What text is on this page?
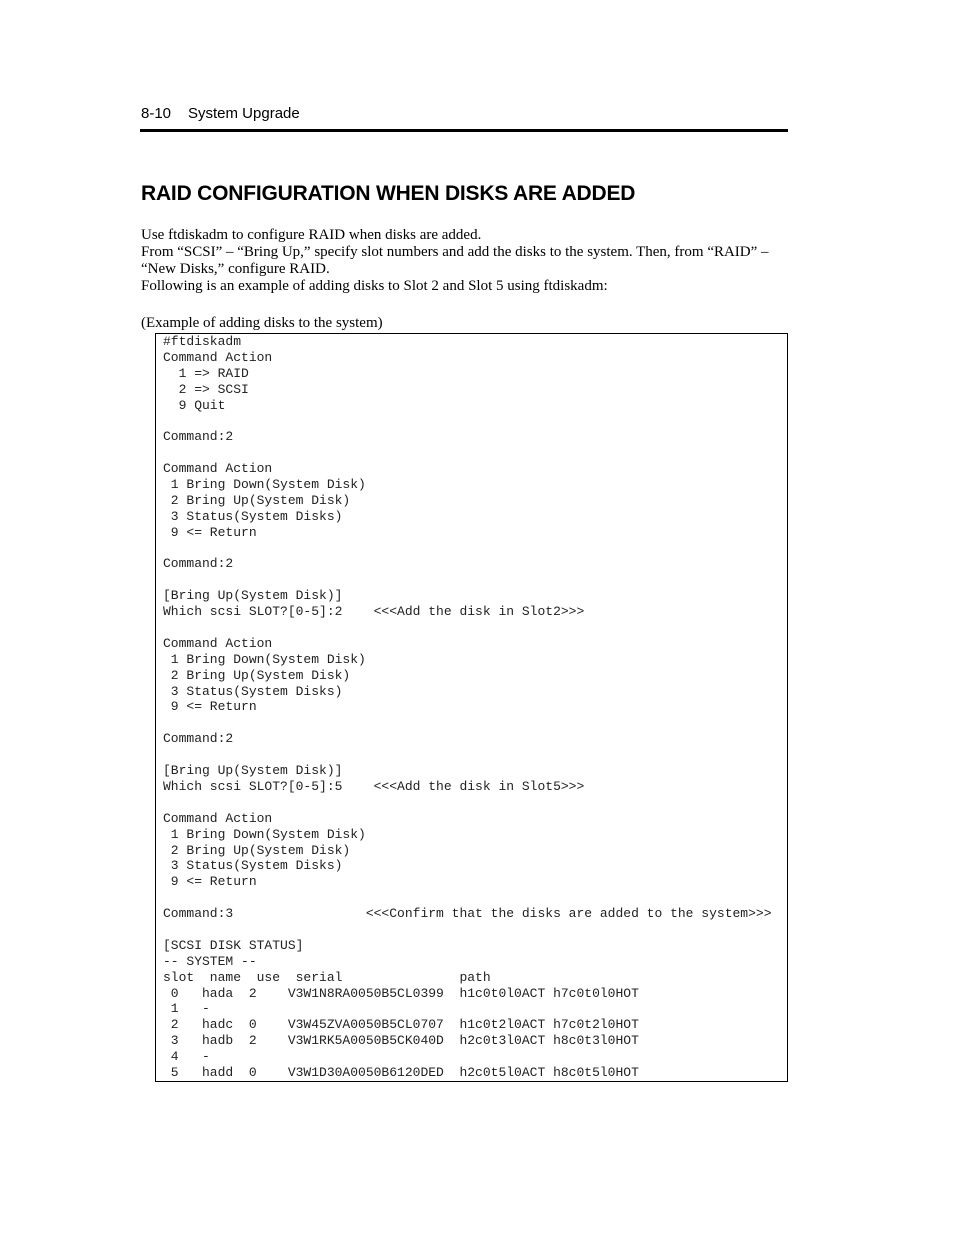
8-10 System Upgrade
RAID CONFIGURATION WHEN DISKS ARE ADDED

Use ftdiskadm to configure RAID when disks are added.

From “SCSI” – “Bring Up,” specify slot numbers and add the disks to the system. Then, from “RAID” – “New Disks,” configure RAID.

Following is an example of adding disks to Slot 2 and Slot 5 using ftdiskadm:

(Example of adding disks to the system)

#ftdiskadm
Command Action
1 => RAID
2 => SCSI
9 Quit
Command:2
Command Action
1 Bring Down(System Disk)
2 Bring Up(System Disk)
3 Status(System Disks)
9 <= Return
Command:2
[Bring Up(System Disk)]
Which scsi SLOT?[0-5]:2    <<<Add the disk in Slot2>>>
Command Action
1 Bring Down(System Disk)
2 Bring Up(System Disk)
3 Status(System Disks)
9 <= Return
Command:2
[Bring Up(System Disk)]
Which scsi SLOT?[0-5]:5    <<<Add the disk in Slot5>>>
Command Action
1 Bring Down(System Disk)
2 Bring Up(System Disk)
3 Status(System Disks)
9 <= Return
Command:3                 <<<Confirm that the disks are added to the system>>>
[SCSI DISK STATUS]
-- SYSTEM --
slot  name  use  serial               path
0   hada  2    V3W1N8RA0050B5CL0399  h1c0t0l0ACT h7c0t0l0HOT
1   -
2   hadc  0    V3W45ZVA0050B5CL0707  h1c0t2l0ACT h7c0t2l0HOT
3   hadb  2    V3W1RK5A0050B5CK040D  h2c0t3l0ACT h8c0t3l0HOT
4   -
5   hadd  0    V3W1D30A0050B6120DED  h2c0t5l0ACT h8c0t5l0HOT
